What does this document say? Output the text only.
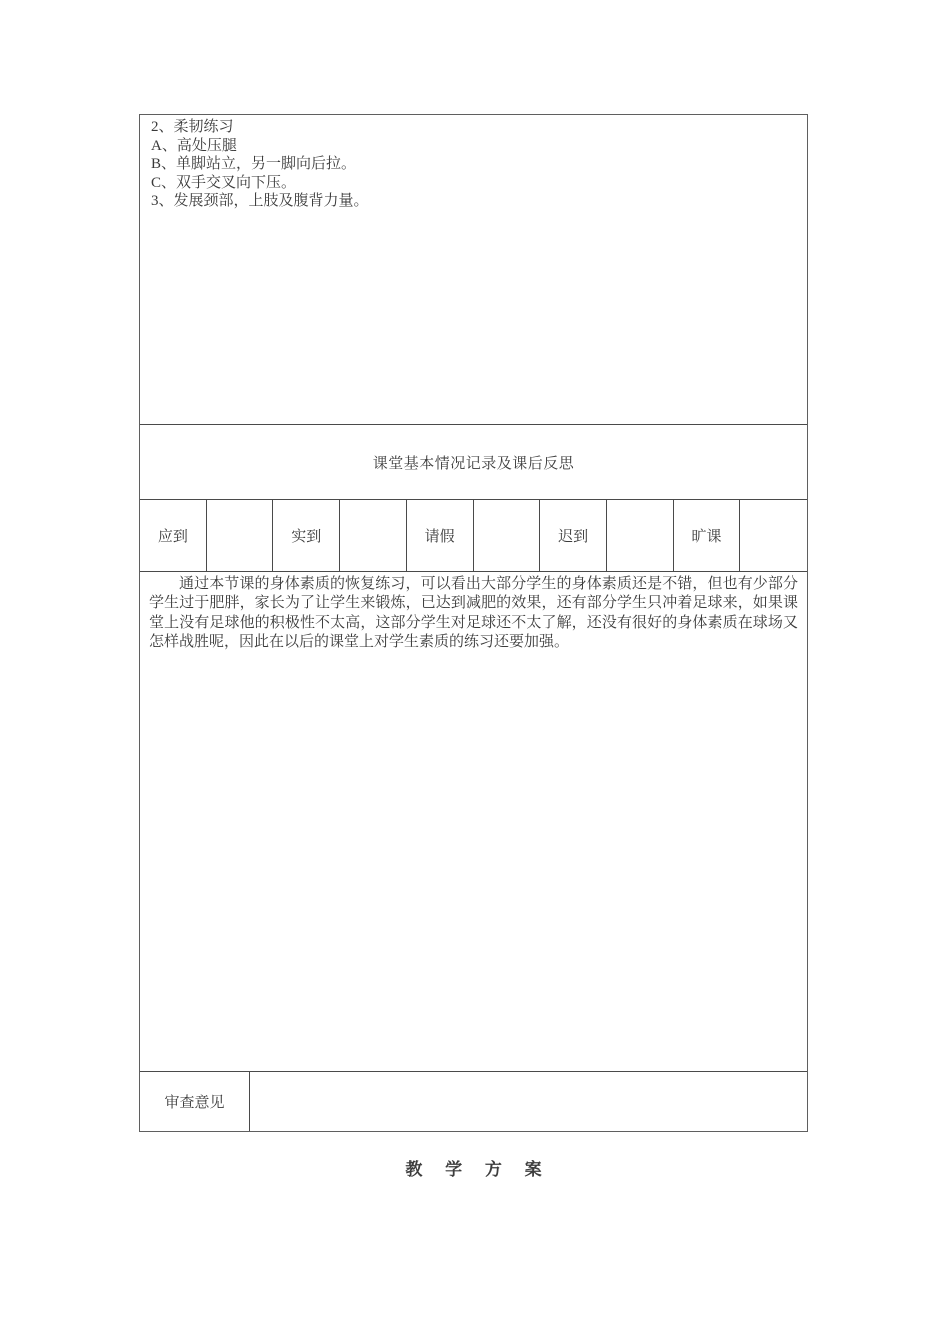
2、柔韧练习
A、高处压腿
B、单脚站立，另一脚向后拉。
C、双手交叉向下压。
3、发展颈部，上肢及腹背力量。
课堂基本情况记录及课后反思
应到	实到	请假	迟到	旷课

通过本节课的身体素质的恢复练习，可以看出大部分学生的身体素质还是不错，但也有少部分学生过于肥胖，家长为了让学生来锻炼，已达到减肥的效果，还有部分学生只冲着足球来，如果课堂上没有足球他的积极性不太高，这部分学生对足球还不太了解，还没有很好的身体素质在球场又怎样战胜呢，因此在以后的课堂上对学生素质的练习还要加强。

审查意见
教 学 方 案
